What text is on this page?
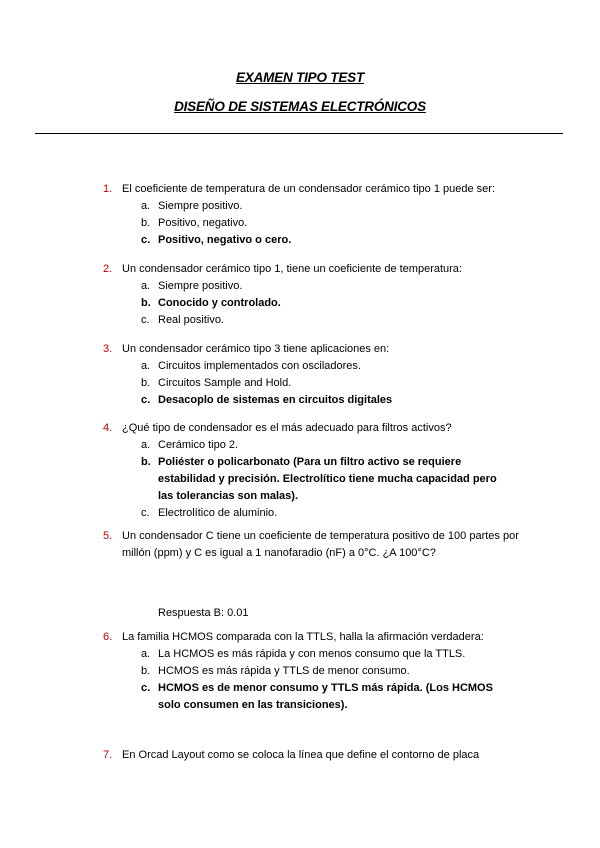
EXAMEN TIPO TEST
DISEÑO DE SISTEMAS ELECTRÓNICOS
1. El coeficiente de temperatura de un condensador cerámico tipo 1 puede ser:
a. Siempre positivo.
b. Positivo, negativo.
c. Positivo, negativo o cero.
2. Un condensador cerámico tipo 1, tiene un coeficiente de temperatura:
a. Siempre positivo.
b. Conocido y controlado.
c. Real positivo.
3. Un condensador cerámico tipo 3 tiene aplicaciones en:
a. Circuitos implementados con osciladores.
b. Circuitos Sample and Hold.
c. Desacoplo de sistemas en circuitos digitales
4. ¿Qué tipo de condensador es el más adecuado para filtros activos?
a. Cerámico tipo 2.
b. Poliéster o policarbonato (Para un filtro activo se requiere estabilidad y precisión. Electrolítico tiene mucha capacidad pero las tolerancias son malas).
c. Electrolítico de aluminio.
5. Un condensador C tiene un coeficiente de temperatura positivo de 100 partes por millón (ppm) y C es igual a 1 nanofaradio (nF) a 0°C. ¿A 100°C?
Respuesta B: 0.01
6. La familia HCMOS comparada con la TTLS, halla la afirmación verdadera:
a. La HCMOS es más rápida y con menos consumo que la TTLS.
b. HCMOS es más rápida y TTLS de menor consumo.
c. HCMOS es de menor consumo y TTLS más rápida. (Los HCMOS solo consumen en las transiciones).
7. En Orcad Layout como se coloca la línea que define el contorno de placa
